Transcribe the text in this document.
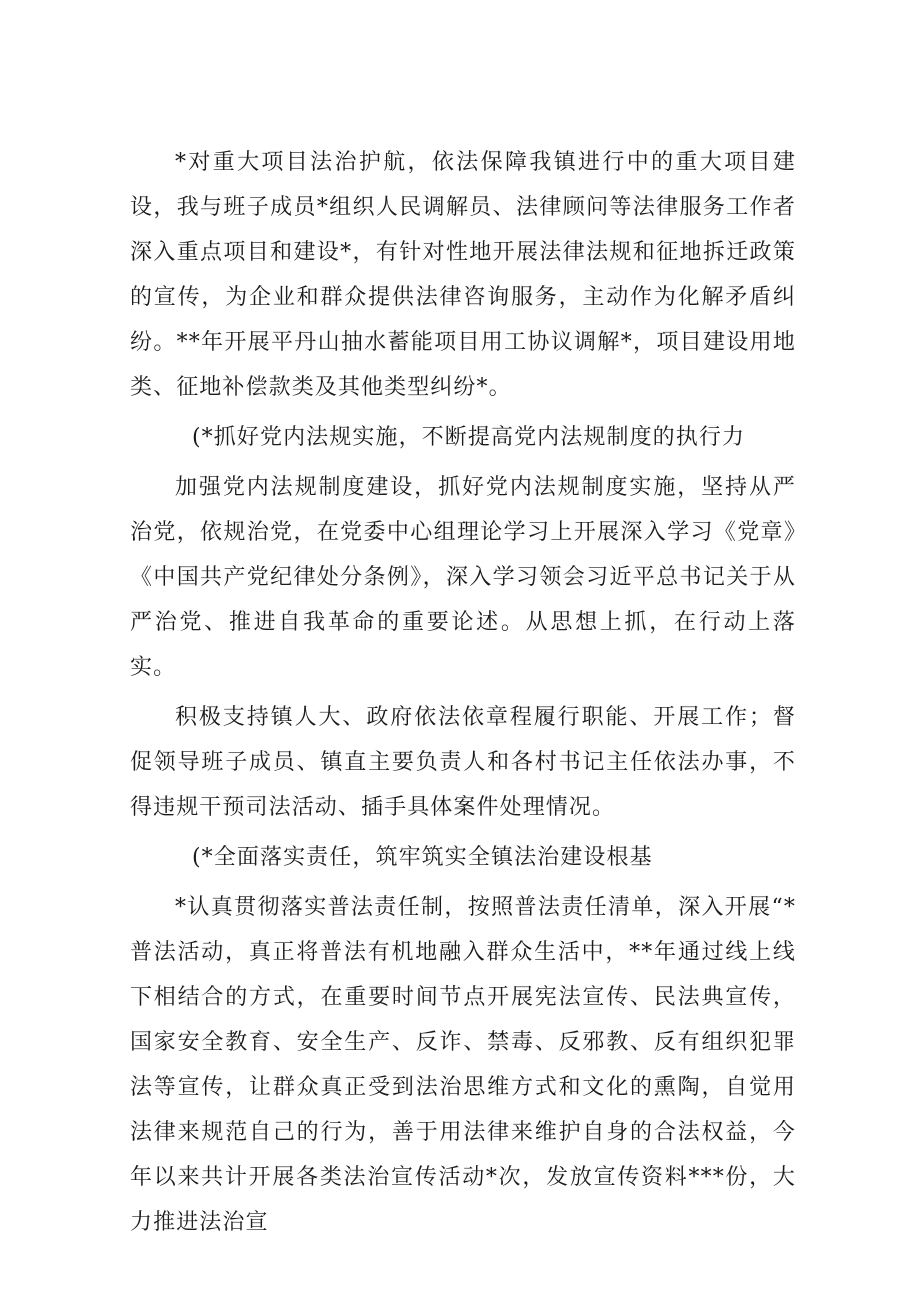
*对重大项目法治护航，依法保障我镇进行中的重大项目建设，我与班子成员*组织人民调解员、法律顾问等法律服务工作者深入重点项目和建设*，有针对性地开展法律法规和征地拆迁政策的宣传，为企业和群众提供法律咨询服务，主动作为化解矛盾纠纷。**年开展平丹山抽水蓄能项目用工协议调解*，项目建设用地类、征地补偿款类及其他类型纠纷*。

(*抓好党内法规实施，不断提高党内法规制度的执行力

加强党内法规制度建设，抓好党内法规制度实施，坚持从严治党，依规治党，在党委中心组理论学习上开展深入学习《党章》《中国共产党纪律处分条例》，深入学习领会习近平总书记关于从严治党、推进自我革命的重要论述。从思想上抓，在行动上落实。

积极支持镇人大、政府依法依章程履行职能、开展工作；督促领导班子成员、镇直主要负责人和各村书记主任依法办事，不得违规干预司法活动、插手具体案件处理情况。

(*全面落实责任，筑牢筑实全镇法治建设根基

*认真贯彻落实普法责任制，按照普法责任清单，深入开展“*普法活动，真正将普法有机地融入群众生活中，**年通过线上线下相结合的方式，在重要时间节点开展宪法宣传、民法典宣传，国家安全教育、安全生产、反诈、禁毒、反邪教、反有组织犯罪法等宣传，让群众真正受到法治思维方式和文化的熏陶，自觉用法律来规范自己的行为，善于用法律来维护自身的合法权益，今年以来共计开展各类法治宣传活动*次，发放宣传资料***份，大力推进法治宣
